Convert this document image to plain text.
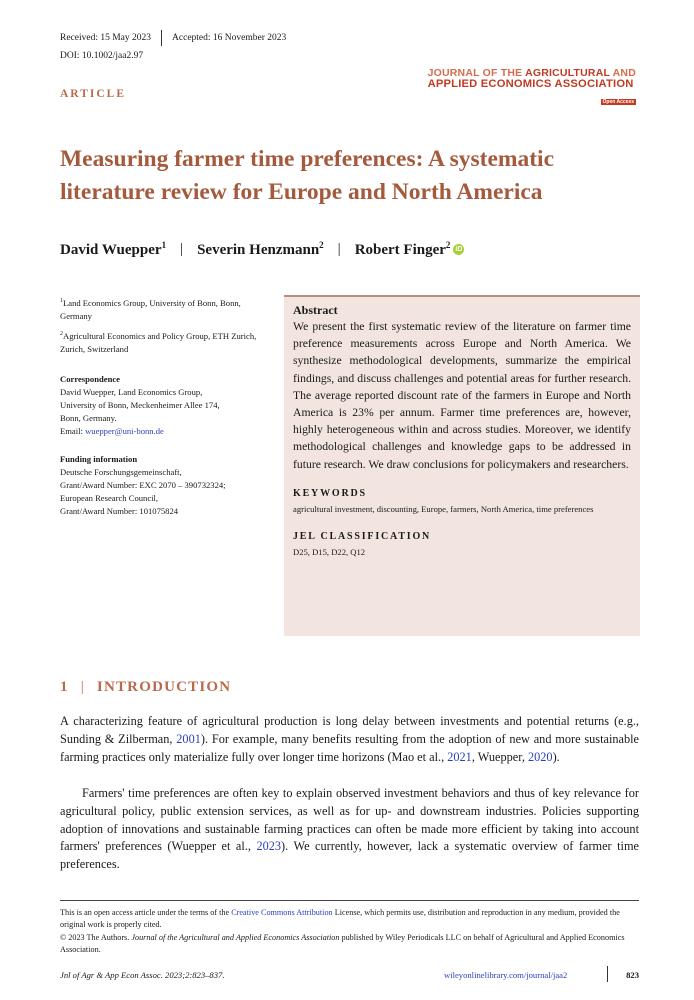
Received: 15 May 2023 Accepted: 16 November 2023
DOI: 10.1002/jaa2.97
JOURNAL OF THE AGRICULTURAL AND
APPLIED ECONOMICS ASSOCIATION
Open Access
ARTICLE
Measuring farmer time preferences: A systematic literature review for Europe and North America
David Wuepper$^1$ | Severin Henzmann$^2$ | Robert Finger$^2$ iD
$^1$Land Economics Group, University of Bonn, Bonn, Germany
$^2$Agricultural Economics and Policy Group, ETH Zurich, Zurich, Switzerland
Correspondence
David Wuepper, Land Economics Group,
University of Bonn, Meckenheimer Allee 174,
Bonn, Germany.
Email: wuepper@uni-bonn.de
Funding information
Deutsche Forschungsgemeinschaft,
Grant/Award Number: EXC 2070 – 390732324;
European Research Council,
Grant/Award Number: 101075824
Abstract
We present the first systematic review of the literature on farmer time preference measurements across Europe and North America. We synthesize methodological developments, summarize the empirical findings, and discuss challenges and potential areas for further research. The average reported discount rate of the farmers in Europe and North America is 23% per annum. Farmer time preferences are, however, highly heterogeneous within and across studies. Moreover, we identify methodological challenges and knowledge gaps to be addressed in future research. We draw conclusions for policymakers and researchers.
KEYWORDS
agricultural investment, discounting, Europe, farmers, North America, time preferences
JEL CLASSIFICATION
D25, D15, D22, Q12
1 | INTRODUCTION
A characterizing feature of agricultural production is long delay between investments and potential returns (e.g., Sunding & Zilberman, 2001). For example, many benefits resulting from the adoption of new and more sustainable farming practices only materialize fully over longer time horizons (Mao et al., 2021, Wuepper, 2020).
Farmers' time preferences are often key to explain observed investment behaviors and thus of key relevance for agricultural policy, public extension services, as well as for up- and downstream industries. Policies supporting adoption of innovations and sustainable farming practices can often be made more efficient by taking into account farmers' preferences (Wuepper et al., 2023). We currently, however, lack a systematic overview of farmer time preferences.
This is an open access article under the terms of the Creative Commons Attribution License, which permits use, distribution and reproduction in any medium, provided the original work is properly cited.
© 2023 The Authors. Journal of the Agricultural and Applied Economics Association published by Wiley Periodicals LLC on behalf of Agricultural and Applied Economics Association.
Jnl of Agr & App Econ Assoc. 2023;2:823–837.	wileyonlinelibrary.com/journal/jaa2	823
